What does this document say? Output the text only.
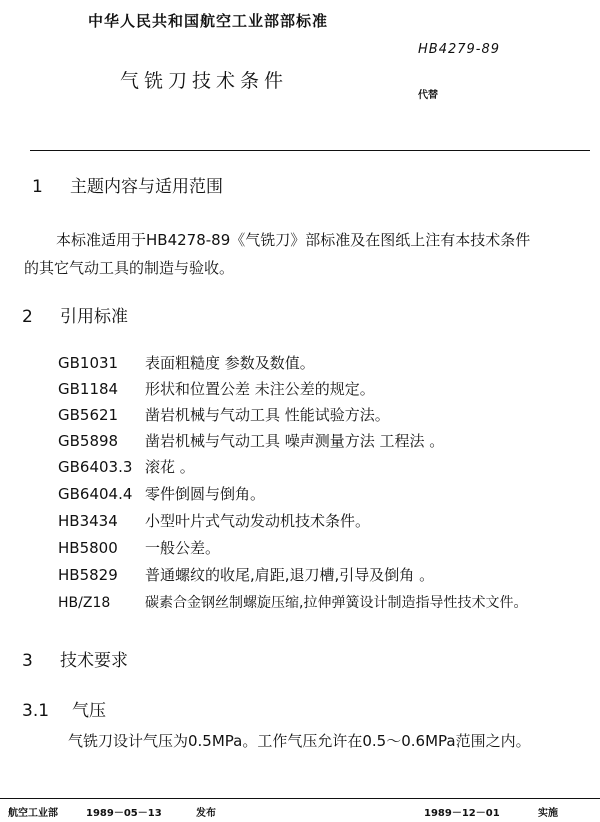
中华人民共和国航空工业部部标准
HB4279-89
气铣刀技术条件
代替
1 主题内容与适用范围
本标准适用于HB4278-89《气铣刀》部标准及在图纸上注有本技术条件
的其它气动工具的制造与验收。
2 引用标准
GB1031 表面粗糙度 参数及数值。
GB1184 形状和位置公差 未注公差的规定。
GB5621 凿岩机械与气动工具 性能试验方法。
GB5898 凿岩机械与气动工具 噪声测量方法 工程法 。
GB6403.3 滚花 。
GB6404.4 零件倒圆与倒角。
HB3434 小型叶片式气动发动机技术条件。
HB5800 一般公差。
HB5829 普通螺纹的收尾,肩距,退刀槽,引导及倒角 。
HB/Z18 碳素合金钢丝制螺旋压缩,拉伸弹簧设计制造指导性技术文件。
3 技术要求
3.1 气压
气铣刀设计气压为0.5MPa。工作气压允许在0.5～0.6MPa范围之内。
航空工业部	1989－05－13	发布	1989－12－01	实施
